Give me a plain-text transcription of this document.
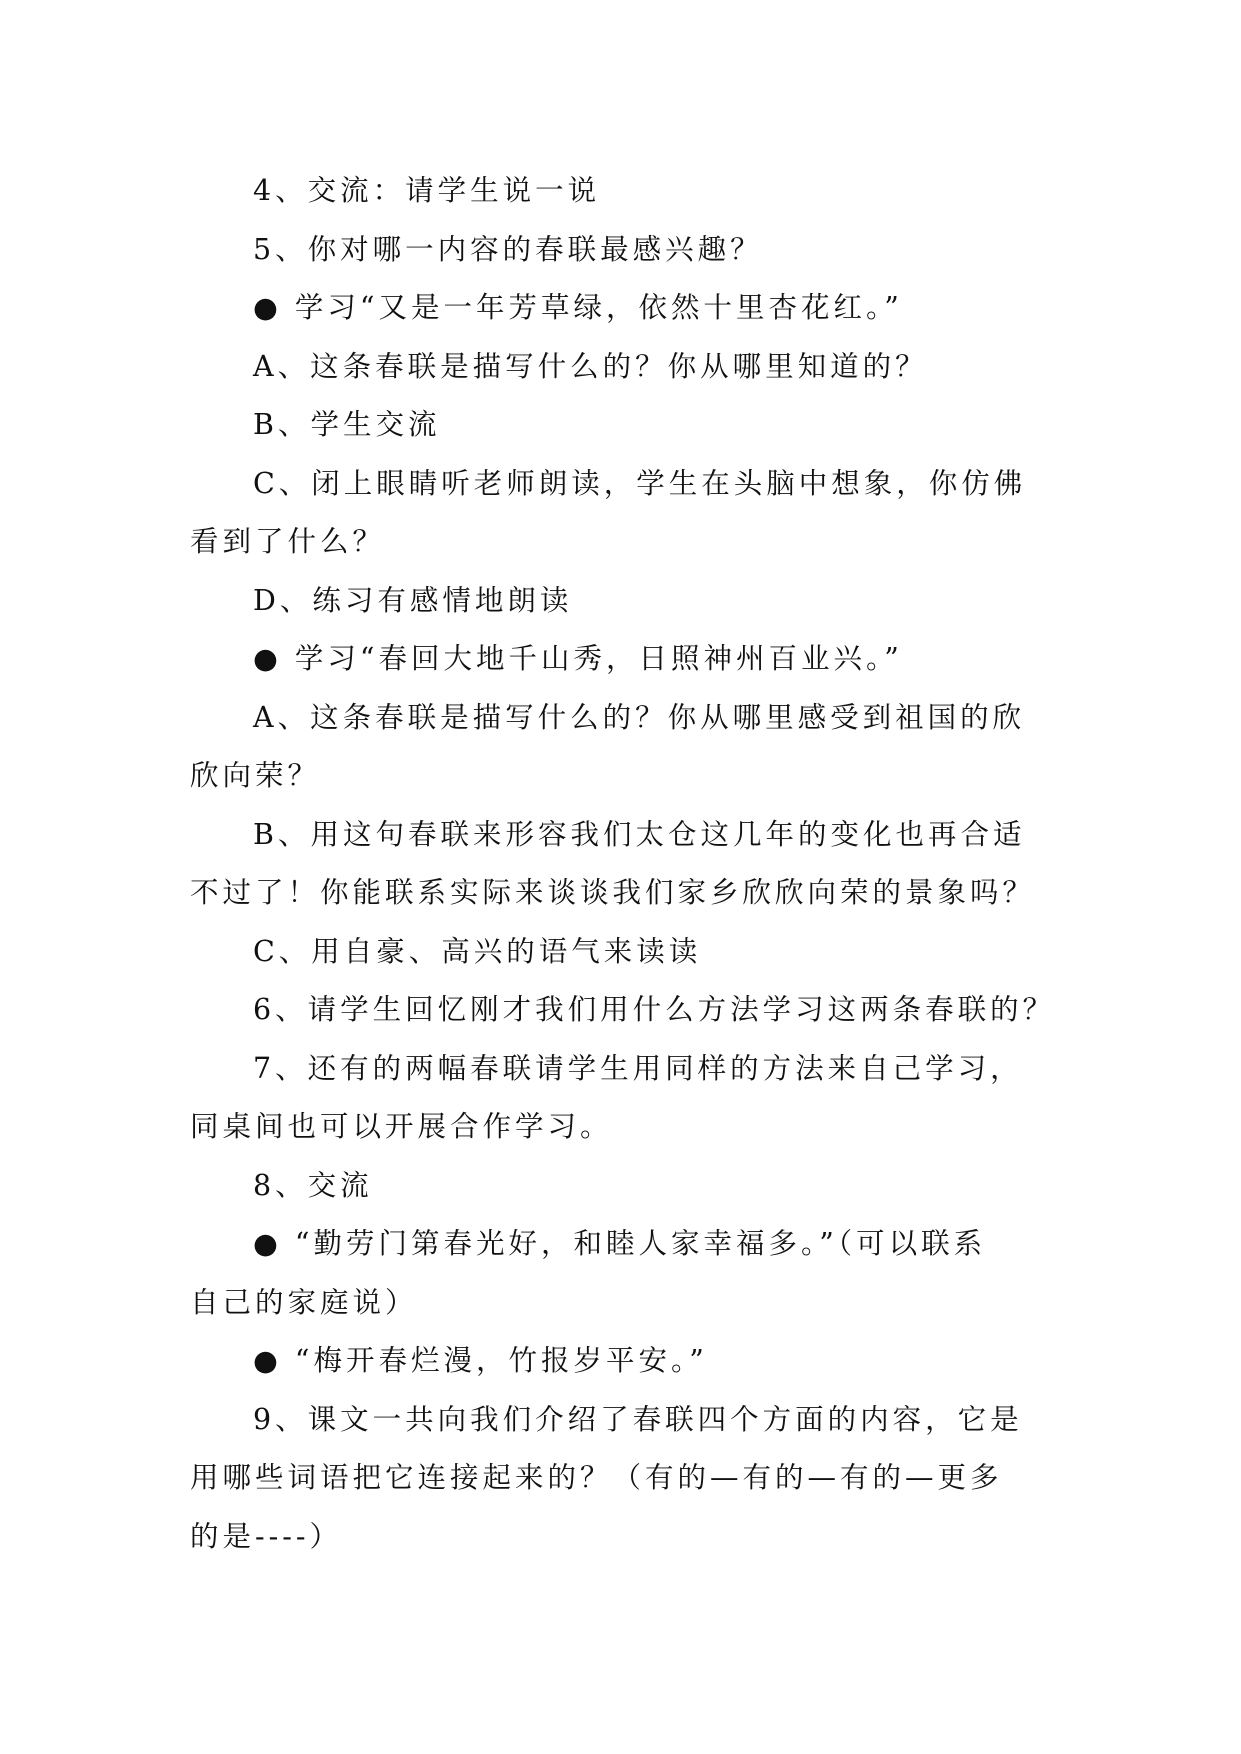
4、交流：请学生说一说
5、你对哪一内容的春联最感兴趣？
● 学习“又是一年芳草绿，依然十里杏花红。”
A、这条春联是描写什么的？你从哪里知道的？
B、学生交流
C、闭上眼睛听老师朗读，学生在头脑中想象，你仿佛
看到了什么？
D、练习有感情地朗读
● 学习“春回大地千山秀，日照神州百业兴。”
A、这条春联是描写什么的？你从哪里感受到祖国的欣
欣向荣？
B、用这句春联来形容我们太仓这几年的变化也再合适
不过了！你能联系实际来谈谈我们家乡欣欣向荣的景象吗？
C、用自豪、高兴的语气来读读
6、请学生回忆刚才我们用什么方法学习这两条春联的？
7、还有的两幅春联请学生用同样的方法来自己学习，
同桌间也可以开展合作学习。
8、交流
● “勤劳门第春光好，和睦人家幸福多。”（可以联系
自己的家庭说）
● “梅开春烂漫，竹报岁平安。”
9、课文一共向我们介绍了春联四个方面的内容，它是
用哪些词语把它连接起来的？（有的—有的—有的—更多
的是----）
